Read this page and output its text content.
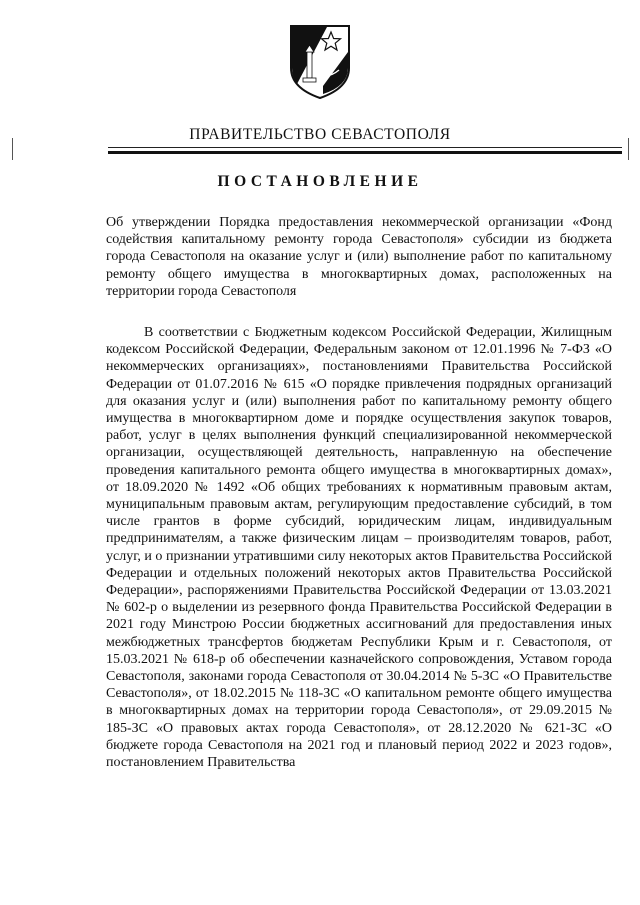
ПРАВИТЕЛЬСТВО СЕВАСТОПОЛЯ
ПОСТАНОВЛЕНИЕ
Об утверждении Порядка предоставления некоммерческой организации «Фонд содействия капитальному ремонту города Севастополя» субсидии из бюджета города Севастополя на оказание услуг и (или) выполнение работ по капитальному ремонту общего имущества в многоквартирных домах, расположенных на территории города Севастополя
В соответствии с Бюджетным кодексом Российской Федерации, Жилищным кодексом Российской Федерации, Федеральным законом от 12.01.1996 № 7-ФЗ «О некоммерческих организациях», постановлениями Правительства Российской Федерации от 01.07.2016 № 615 «О порядке привлечения подрядных организаций для оказания услуг и (или) выполнения работ по капитальному ремонту общего имущества в многоквартирном доме и порядке осуществления закупок товаров, работ, услуг в целях выполнения функций специализированной некоммерческой организации, осуществляющей деятельность, направленную на обеспечение проведения капитального ремонта общего имущества в многоквартирных домах», от 18.09.2020 № 1492 «Об общих требованиях к нормативным правовым актам, муниципальным правовым актам, регулирующим предоставление субсидий, в том числе грантов в форме субсидий, юридическим лицам, индивидуальным предпринимателям, а также физическим лицам – производителям товаров, работ, услуг, и о признании утратившими силу некоторых актов Правительства Российской Федерации и отдельных положений некоторых актов Правительства Российской Федерации», распоряжениями Правительства Российской Федерации от 13.03.2021 № 602-р о выделении из резервного фонда Правительства Российской Федерации в 2021 году Минстрою России бюджетных ассигнований для предоставления иных межбюджетных трансфертов бюджетам Республики Крым и г. Севастополя, от 15.03.2021 № 618-р об обеспечении казначейского сопровождения, Уставом города Севастополя, законами города Севастополя от 30.04.2014 № 5-ЗС «О Правительстве Севастополя», от 18.02.2015 № 118-ЗС «О капитальном ремонте общего имущества в многоквартирных домах на территории города Севастополя», от 29.09.2015 № 185-ЗС «О правовых актах города Севастополя», от 28.12.2020 № 621-ЗС «О бюджете города Севастополя на 2021 год и плановый период 2022 и 2023 годов», постановлением Правительства
